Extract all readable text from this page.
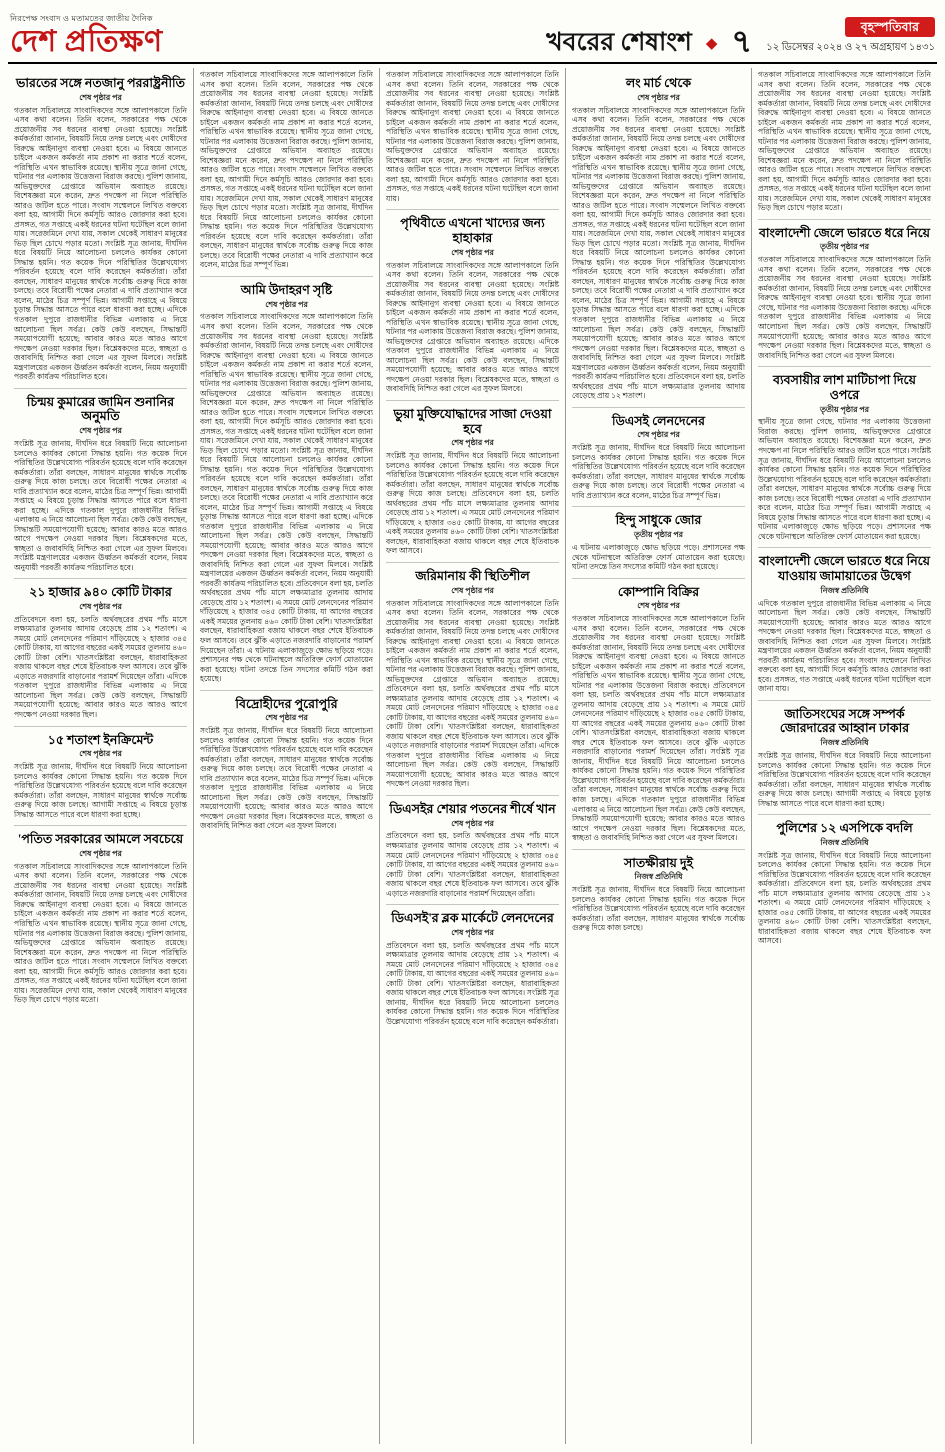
নিরপেক্ষ সংবাদ ও মতামতের জাতীয় দৈনিক
দেশ প্রতিক্ষণ	খবরের শেষাংশ ◆ ৭	বৃহস্পতিবার
১২ ডিসেম্বর ২০২৪ ও ২৭ অগ্রহায়ণ ১৪৩১
ভারতের সঙ্গে নতজানু পররাষ্ট্রনীতি
শেষ পৃষ্ঠার পর
গতকাল সচিবালয়ে সাংবাদিকদের সঙ্গে আলাপকালে তিনি এসব কথা বলেন। তিনি বলেন, সরকারের পক্ষ থেকে প্রয়োজনীয় সব ধরনের ব্যবস্থা নেওয়া হয়েছে। সংশ্লিষ্ট কর্মকর্তারা জানান, বিষয়টি নিয়ে তদন্ত চলছে এবং দোষীদের বিরুদ্ধে আইনানুগ ব্যবস্থা নেওয়া হবে। এ বিষয়ে জানতে চাইলে একজন কর্মকর্তা নাম প্রকাশ না করার শর্তে বলেন, পরিস্থিতি এখন স্বাভাবিক রয়েছে। স্থানীয় সূত্রে জানা গেছে, ঘটনার পর এলাকায় উত্তেজনা বিরাজ করছে। পুলিশ জানায়, অভিযুক্তদের গ্রেপ্তারে অভিযান অব্যাহত রয়েছে। বিশেষজ্ঞরা মনে করেন, দ্রুত পদক্ষেপ না নিলে পরিস্থিতি আরও জটিল হতে পারে। সংবাদ সম্মেলনে লিখিত বক্তব্যে বলা হয়, আগামী দিনে কর্মসূচি আরও জোরদার করা হবে। প্রসঙ্গত, গত সপ্তাহে একই ধরনের ঘটনা ঘটেছিল বলে জানা যায়। সরেজমিনে দেখা যায়, সকাল থেকেই সাধারণ মানুষের ভিড় ছিল চোখে পড়ার মতো। সংশ্লিষ্ট সূত্র জানায়, দীর্ঘদিন ধরে বিষয়টি নিয়ে আলোচনা চললেও কার্যকর কোনো সিদ্ধান্ত হয়নি। গত কয়েক দিনে পরিস্থিতির উল্লেখযোগ্য পরিবর্তন হয়েছে বলে দাবি করেছেন কর্মকর্তারা। তাঁরা বলছেন, সাধারণ মানুষের স্বার্থকে সর্বোচ্চ গুরুত্ব দিয়ে কাজ চলছে। তবে বিরোধী পক্ষের নেতারা এ দাবি প্রত্যাখ্যান করে বলেন, মাঠের চিত্র সম্পূর্ণ ভিন্ন। আগামী সপ্তাহে এ বিষয়ে চূড়ান্ত সিদ্ধান্ত আসতে পারে বলে ধারণা করা হচ্ছে। এদিকে গতকাল দুপুরে রাজধানীর বিভিন্ন এলাকায় এ নিয়ে আলোচনা ছিল সর্বত্র। কেউ কেউ বলছেন, সিদ্ধান্তটি সময়োপযোগী হয়েছে; আবার কারও মতে আরও আগে পদক্ষেপ নেওয়া দরকার ছিল। বিশ্লেষকদের মতে, স্বচ্ছতা ও জবাবদিহি নিশ্চিত করা গেলে এর সুফল মিলবে। সংশ্লিষ্ট মন্ত্রণালয়ের একজন ঊর্ধ্বতন কর্মকর্তা বলেন, নিয়ম অনুযায়ী পরবর্তী কার্যক্রম পরিচালিত হবে।
চিন্ময় কুমারের জামিন শুনানির অনুমতি
শেষ পৃষ্ঠার পর
সংশ্লিষ্ট সূত্র জানায়, দীর্ঘদিন ধরে বিষয়টি নিয়ে আলোচনা চললেও কার্যকর কোনো সিদ্ধান্ত হয়নি। গত কয়েক দিনে পরিস্থিতির উল্লেখযোগ্য পরিবর্তন হয়েছে বলে দাবি করেছেন কর্মকর্তারা। তাঁরা বলছেন, সাধারণ মানুষের স্বার্থকে সর্বোচ্চ গুরুত্ব দিয়ে কাজ চলছে। তবে বিরোধী পক্ষের নেতারা এ দাবি প্রত্যাখ্যান করে বলেন, মাঠের চিত্র সম্পূর্ণ ভিন্ন। আগামী সপ্তাহে এ বিষয়ে চূড়ান্ত সিদ্ধান্ত আসতে পারে বলে ধারণা করা হচ্ছে। এদিকে গতকাল দুপুরে রাজধানীর বিভিন্ন এলাকায় এ নিয়ে আলোচনা ছিল সর্বত্র। কেউ কেউ বলছেন, সিদ্ধান্তটি সময়োপযোগী হয়েছে; আবার কারও মতে আরও আগে পদক্ষেপ নেওয়া দরকার ছিল। বিশ্লেষকদের মতে, স্বচ্ছতা ও জবাবদিহি নিশ্চিত করা গেলে এর সুফল মিলবে। সংশ্লিষ্ট মন্ত্রণালয়ের একজন ঊর্ধ্বতন কর্মকর্তা বলেন, নিয়ম অনুযায়ী পরবর্তী কার্যক্রম পরিচালিত হবে।
২১ হাজার ৯৪০ কোটি টাকার
শেষ পৃষ্ঠার পর
প্রতিবেদনে বলা হয়, চলতি অর্থবছরের প্রথম পাঁচ মাসে লক্ষ্যমাত্রার তুলনায় আদায় বেড়েছে প্রায় ১২ শতাংশ। এ সময়ে মোট লেনদেনের পরিমাণ দাঁড়িয়েছে ২ হাজার ৩৪৫ কোটি টাকায়, যা আগের বছরের একই সময়ের তুলনায় ৪৬০ কোটি টাকা বেশি। খাতসংশ্লিষ্টরা বলছেন, ধারাবাহিকতা বজায় থাকলে বছর শেষে ইতিবাচক ফল আসবে। তবে ঝুঁকি এড়াতে নজরদারি বাড়ানোর পরামর্শ দিয়েছেন তাঁরা। এদিকে গতকাল দুপুরে রাজধানীর বিভিন্ন এলাকায় এ নিয়ে আলোচনা ছিল সর্বত্র। কেউ কেউ বলছেন, সিদ্ধান্তটি সময়োপযোগী হয়েছে; আবার কারও মতে আরও আগে পদক্ষেপ নেওয়া দরকার ছিল।
১৫ শতাংশ ইনক্রিমেন্ট
শেষ পৃষ্ঠার পর
সংশ্লিষ্ট সূত্র জানায়, দীর্ঘদিন ধরে বিষয়টি নিয়ে আলোচনা চললেও কার্যকর কোনো সিদ্ধান্ত হয়নি। গত কয়েক দিনে পরিস্থিতির উল্লেখযোগ্য পরিবর্তন হয়েছে বলে দাবি করেছেন কর্মকর্তারা। তাঁরা বলছেন, সাধারণ মানুষের স্বার্থকে সর্বোচ্চ গুরুত্ব দিয়ে কাজ চলছে। আগামী সপ্তাহে এ বিষয়ে চূড়ান্ত সিদ্ধান্ত আসতে পারে বলে ধারণা করা হচ্ছে।
'পতিত সরকারের আমলে সবচেয়ে
শেষ পৃষ্ঠার পর
গতকাল সচিবালয়ে সাংবাদিকদের সঙ্গে আলাপকালে তিনি এসব কথা বলেন। তিনি বলেন, সরকারের পক্ষ থেকে প্রয়োজনীয় সব ধরনের ব্যবস্থা নেওয়া হয়েছে। সংশ্লিষ্ট কর্মকর্তারা জানান, বিষয়টি নিয়ে তদন্ত চলছে এবং দোষীদের বিরুদ্ধে আইনানুগ ব্যবস্থা নেওয়া হবে। এ বিষয়ে জানতে চাইলে একজন কর্মকর্তা নাম প্রকাশ না করার শর্তে বলেন, পরিস্থিতি এখন স্বাভাবিক রয়েছে। স্থানীয় সূত্রে জানা গেছে, ঘটনার পর এলাকায় উত্তেজনা বিরাজ করছে। পুলিশ জানায়, অভিযুক্তদের গ্রেপ্তারে অভিযান অব্যাহত রয়েছে। বিশেষজ্ঞরা মনে করেন, দ্রুত পদক্ষেপ না নিলে পরিস্থিতি আরও জটিল হতে পারে। সংবাদ সম্মেলনে লিখিত বক্তব্যে বলা হয়, আগামী দিনে কর্মসূচি আরও জোরদার করা হবে। প্রসঙ্গত, গত সপ্তাহে একই ধরনের ঘটনা ঘটেছিল বলে জানা যায়। সরেজমিনে দেখা যায়, সকাল থেকেই সাধারণ মানুষের ভিড় ছিল চোখে পড়ার মতো।
গতকাল সচিবালয়ে সাংবাদিকদের সঙ্গে আলাপকালে তিনি এসব কথা বলেন। তিনি বলেন, সরকারের পক্ষ থেকে প্রয়োজনীয় সব ধরনের ব্যবস্থা নেওয়া হয়েছে। সংশ্লিষ্ট কর্মকর্তারা জানান, বিষয়টি নিয়ে তদন্ত চলছে এবং দোষীদের বিরুদ্ধে আইনানুগ ব্যবস্থা নেওয়া হবে। এ বিষয়ে জানতে চাইলে একজন কর্মকর্তা নাম প্রকাশ না করার শর্তে বলেন, পরিস্থিতি এখন স্বাভাবিক রয়েছে। স্থানীয় সূত্রে জানা গেছে, ঘটনার পর এলাকায় উত্তেজনা বিরাজ করছে। পুলিশ জানায়, অভিযুক্তদের গ্রেপ্তারে অভিযান অব্যাহত রয়েছে। বিশেষজ্ঞরা মনে করেন, দ্রুত পদক্ষেপ না নিলে পরিস্থিতি আরও জটিল হতে পারে। সংবাদ সম্মেলনে লিখিত বক্তব্যে বলা হয়, আগামী দিনে কর্মসূচি আরও জোরদার করা হবে। প্রসঙ্গত, গত সপ্তাহে একই ধরনের ঘটনা ঘটেছিল বলে জানা যায়। সরেজমিনে দেখা যায়, সকাল থেকেই সাধারণ মানুষের ভিড় ছিল চোখে পড়ার মতো। সংশ্লিষ্ট সূত্র জানায়, দীর্ঘদিন ধরে বিষয়টি নিয়ে আলোচনা চললেও কার্যকর কোনো সিদ্ধান্ত হয়নি। গত কয়েক দিনে পরিস্থিতির উল্লেখযোগ্য পরিবর্তন হয়েছে বলে দাবি করেছেন কর্মকর্তারা। তাঁরা বলছেন, সাধারণ মানুষের স্বার্থকে সর্বোচ্চ গুরুত্ব দিয়ে কাজ চলছে। তবে বিরোধী পক্ষের নেতারা এ দাবি প্রত্যাখ্যান করে বলেন, মাঠের চিত্র সম্পূর্ণ ভিন্ন।
আমি উদাহরণ সৃষ্টি
শেষ পৃষ্ঠার পর
গতকাল সচিবালয়ে সাংবাদিকদের সঙ্গে আলাপকালে তিনি এসব কথা বলেন। তিনি বলেন, সরকারের পক্ষ থেকে প্রয়োজনীয় সব ধরনের ব্যবস্থা নেওয়া হয়েছে। সংশ্লিষ্ট কর্মকর্তারা জানান, বিষয়টি নিয়ে তদন্ত চলছে এবং দোষীদের বিরুদ্ধে আইনানুগ ব্যবস্থা নেওয়া হবে। এ বিষয়ে জানতে চাইলে একজন কর্মকর্তা নাম প্রকাশ না করার শর্তে বলেন, পরিস্থিতি এখন স্বাভাবিক রয়েছে। স্থানীয় সূত্রে জানা গেছে, ঘটনার পর এলাকায় উত্তেজনা বিরাজ করছে। পুলিশ জানায়, অভিযুক্তদের গ্রেপ্তারে অভিযান অব্যাহত রয়েছে। বিশেষজ্ঞরা মনে করেন, দ্রুত পদক্ষেপ না নিলে পরিস্থিতি আরও জটিল হতে পারে। সংবাদ সম্মেলনে লিখিত বক্তব্যে বলা হয়, আগামী দিনে কর্মসূচি আরও জোরদার করা হবে। প্রসঙ্গত, গত সপ্তাহে একই ধরনের ঘটনা ঘটেছিল বলে জানা যায়। সরেজমিনে দেখা যায়, সকাল থেকেই সাধারণ মানুষের ভিড় ছিল চোখে পড়ার মতো। সংশ্লিষ্ট সূত্র জানায়, দীর্ঘদিন ধরে বিষয়টি নিয়ে আলোচনা চললেও কার্যকর কোনো সিদ্ধান্ত হয়নি। গত কয়েক দিনে পরিস্থিতির উল্লেখযোগ্য পরিবর্তন হয়েছে বলে দাবি করেছেন কর্মকর্তারা। তাঁরা বলছেন, সাধারণ মানুষের স্বার্থকে সর্বোচ্চ গুরুত্ব দিয়ে কাজ চলছে। তবে বিরোধী পক্ষের নেতারা এ দাবি প্রত্যাখ্যান করে বলেন, মাঠের চিত্র সম্পূর্ণ ভিন্ন। আগামী সপ্তাহে এ বিষয়ে চূড়ান্ত সিদ্ধান্ত আসতে পারে বলে ধারণা করা হচ্ছে। এদিকে গতকাল দুপুরে রাজধানীর বিভিন্ন এলাকায় এ নিয়ে আলোচনা ছিল সর্বত্র। কেউ কেউ বলছেন, সিদ্ধান্তটি সময়োপযোগী হয়েছে; আবার কারও মতে আরও আগে পদক্ষেপ নেওয়া দরকার ছিল। বিশ্লেষকদের মতে, স্বচ্ছতা ও জবাবদিহি নিশ্চিত করা গেলে এর সুফল মিলবে। সংশ্লিষ্ট মন্ত্রণালয়ের একজন ঊর্ধ্বতন কর্মকর্তা বলেন, নিয়ম অনুযায়ী পরবর্তী কার্যক্রম পরিচালিত হবে। প্রতিবেদনে বলা হয়, চলতি অর্থবছরের প্রথম পাঁচ মাসে লক্ষ্যমাত্রার তুলনায় আদায় বেড়েছে প্রায় ১২ শতাংশ। এ সময়ে মোট লেনদেনের পরিমাণ দাঁড়িয়েছে ২ হাজার ৩৪৫ কোটি টাকায়, যা আগের বছরের একই সময়ের তুলনায় ৪৬০ কোটি টাকা বেশি। খাতসংশ্লিষ্টরা বলছেন, ধারাবাহিকতা বজায় থাকলে বছর শেষে ইতিবাচক ফল আসবে। তবে ঝুঁকি এড়াতে নজরদারি বাড়ানোর পরামর্শ দিয়েছেন তাঁরা। এ ঘটনায় এলাকাজুড়ে ক্ষোভ ছড়িয়ে পড়ে। প্রশাসনের পক্ষ থেকে ঘটনাস্থলে অতিরিক্ত ফোর্স মোতায়েন করা হয়েছে। ঘটনা তদন্তে তিন সদস্যের কমিটি গঠন করা হয়েছে।
বিদ্রোহীদের পুরোপুরি
শেষ পৃষ্ঠার পর
সংশ্লিষ্ট সূত্র জানায়, দীর্ঘদিন ধরে বিষয়টি নিয়ে আলোচনা চললেও কার্যকর কোনো সিদ্ধান্ত হয়নি। গত কয়েক দিনে পরিস্থিতির উল্লেখযোগ্য পরিবর্তন হয়েছে বলে দাবি করেছেন কর্মকর্তারা। তাঁরা বলছেন, সাধারণ মানুষের স্বার্থকে সর্বোচ্চ গুরুত্ব দিয়ে কাজ চলছে। তবে বিরোধী পক্ষের নেতারা এ দাবি প্রত্যাখ্যান করে বলেন, মাঠের চিত্র সম্পূর্ণ ভিন্ন। এদিকে গতকাল দুপুরে রাজধানীর বিভিন্ন এলাকায় এ নিয়ে আলোচনা ছিল সর্বত্র। কেউ কেউ বলছেন, সিদ্ধান্তটি সময়োপযোগী হয়েছে; আবার কারও মতে আরও আগে পদক্ষেপ নেওয়া দরকার ছিল। বিশ্লেষকদের মতে, স্বচ্ছতা ও জবাবদিহি নিশ্চিত করা গেলে এর সুফল মিলবে।
গতকাল সচিবালয়ে সাংবাদিকদের সঙ্গে আলাপকালে তিনি এসব কথা বলেন। তিনি বলেন, সরকারের পক্ষ থেকে প্রয়োজনীয় সব ধরনের ব্যবস্থা নেওয়া হয়েছে। সংশ্লিষ্ট কর্মকর্তারা জানান, বিষয়টি নিয়ে তদন্ত চলছে এবং দোষীদের বিরুদ্ধে আইনানুগ ব্যবস্থা নেওয়া হবে। এ বিষয়ে জানতে চাইলে একজন কর্মকর্তা নাম প্রকাশ না করার শর্তে বলেন, পরিস্থিতি এখন স্বাভাবিক রয়েছে। স্থানীয় সূত্রে জানা গেছে, ঘটনার পর এলাকায় উত্তেজনা বিরাজ করছে। পুলিশ জানায়, অভিযুক্তদের গ্রেপ্তারে অভিযান অব্যাহত রয়েছে। বিশেষজ্ঞরা মনে করেন, দ্রুত পদক্ষেপ না নিলে পরিস্থিতি আরও জটিল হতে পারে। সংবাদ সম্মেলনে লিখিত বক্তব্যে বলা হয়, আগামী দিনে কর্মসূচি আরও জোরদার করা হবে। প্রসঙ্গত, গত সপ্তাহে একই ধরনের ঘটনা ঘটেছিল বলে জানা যায়।
পৃথিবীতে এখনো খাদ্যের জন্য হাহাকার
শেষ পৃষ্ঠার পর
গতকাল সচিবালয়ে সাংবাদিকদের সঙ্গে আলাপকালে তিনি এসব কথা বলেন। তিনি বলেন, সরকারের পক্ষ থেকে প্রয়োজনীয় সব ধরনের ব্যবস্থা নেওয়া হয়েছে। সংশ্লিষ্ট কর্মকর্তারা জানান, বিষয়টি নিয়ে তদন্ত চলছে এবং দোষীদের বিরুদ্ধে আইনানুগ ব্যবস্থা নেওয়া হবে। এ বিষয়ে জানতে চাইলে একজন কর্মকর্তা নাম প্রকাশ না করার শর্তে বলেন, পরিস্থিতি এখন স্বাভাবিক রয়েছে। স্থানীয় সূত্রে জানা গেছে, ঘটনার পর এলাকায় উত্তেজনা বিরাজ করছে। পুলিশ জানায়, অভিযুক্তদের গ্রেপ্তারে অভিযান অব্যাহত রয়েছে। এদিকে গতকাল দুপুরে রাজধানীর বিভিন্ন এলাকায় এ নিয়ে আলোচনা ছিল সর্বত্র। কেউ কেউ বলছেন, সিদ্ধান্তটি সময়োপযোগী হয়েছে; আবার কারও মতে আরও আগে পদক্ষেপ নেওয়া দরকার ছিল। বিশ্লেষকদের মতে, স্বচ্ছতা ও জবাবদিহি নিশ্চিত করা গেলে এর সুফল মিলবে।
ভুয়া মুক্তিযোদ্ধাদের সাজা দেওয়া হবে
শেষ পৃষ্ঠার পর
সংশ্লিষ্ট সূত্র জানায়, দীর্ঘদিন ধরে বিষয়টি নিয়ে আলোচনা চললেও কার্যকর কোনো সিদ্ধান্ত হয়নি। গত কয়েক দিনে পরিস্থিতির উল্লেখযোগ্য পরিবর্তন হয়েছে বলে দাবি করেছেন কর্মকর্তারা। তাঁরা বলছেন, সাধারণ মানুষের স্বার্থকে সর্বোচ্চ গুরুত্ব দিয়ে কাজ চলছে। প্রতিবেদনে বলা হয়, চলতি অর্থবছরের প্রথম পাঁচ মাসে লক্ষ্যমাত্রার তুলনায় আদায় বেড়েছে প্রায় ১২ শতাংশ। এ সময়ে মোট লেনদেনের পরিমাণ দাঁড়িয়েছে ২ হাজার ৩৪৫ কোটি টাকায়, যা আগের বছরের একই সময়ের তুলনায় ৪৬০ কোটি টাকা বেশি। খাতসংশ্লিষ্টরা বলছেন, ধারাবাহিকতা বজায় থাকলে বছর শেষে ইতিবাচক ফল আসবে।
জরিমানায় কী স্থিতিশীল
শেষ পৃষ্ঠার পর
গতকাল সচিবালয়ে সাংবাদিকদের সঙ্গে আলাপকালে তিনি এসব কথা বলেন। তিনি বলেন, সরকারের পক্ষ থেকে প্রয়োজনীয় সব ধরনের ব্যবস্থা নেওয়া হয়েছে। সংশ্লিষ্ট কর্মকর্তারা জানান, বিষয়টি নিয়ে তদন্ত চলছে এবং দোষীদের বিরুদ্ধে আইনানুগ ব্যবস্থা নেওয়া হবে। এ বিষয়ে জানতে চাইলে একজন কর্মকর্তা নাম প্রকাশ না করার শর্তে বলেন, পরিস্থিতি এখন স্বাভাবিক রয়েছে। স্থানীয় সূত্রে জানা গেছে, ঘটনার পর এলাকায় উত্তেজনা বিরাজ করছে। পুলিশ জানায়, অভিযুক্তদের গ্রেপ্তারে অভিযান অব্যাহত রয়েছে। প্রতিবেদনে বলা হয়, চলতি অর্থবছরের প্রথম পাঁচ মাসে লক্ষ্যমাত্রার তুলনায় আদায় বেড়েছে প্রায় ১২ শতাংশ। এ সময়ে মোট লেনদেনের পরিমাণ দাঁড়িয়েছে ২ হাজার ৩৪৫ কোটি টাকায়, যা আগের বছরের একই সময়ের তুলনায় ৪৬০ কোটি টাকা বেশি। খাতসংশ্লিষ্টরা বলছেন, ধারাবাহিকতা বজায় থাকলে বছর শেষে ইতিবাচক ফল আসবে। তবে ঝুঁকি এড়াতে নজরদারি বাড়ানোর পরামর্শ দিয়েছেন তাঁরা। এদিকে গতকাল দুপুরে রাজধানীর বিভিন্ন এলাকায় এ নিয়ে আলোচনা ছিল সর্বত্র। কেউ কেউ বলছেন, সিদ্ধান্তটি সময়োপযোগী হয়েছে; আবার কারও মতে আরও আগে পদক্ষেপ নেওয়া দরকার ছিল।
ডিএসইর শেয়ার পতনের শীর্ষে খান
শেষ পৃষ্ঠার পর
প্রতিবেদনে বলা হয়, চলতি অর্থবছরের প্রথম পাঁচ মাসে লক্ষ্যমাত্রার তুলনায় আদায় বেড়েছে প্রায় ১২ শতাংশ। এ সময়ে মোট লেনদেনের পরিমাণ দাঁড়িয়েছে ২ হাজার ৩৪৫ কোটি টাকায়, যা আগের বছরের একই সময়ের তুলনায় ৪৬০ কোটি টাকা বেশি। খাতসংশ্লিষ্টরা বলছেন, ধারাবাহিকতা বজায় থাকলে বছর শেষে ইতিবাচক ফল আসবে। তবে ঝুঁকি এড়াতে নজরদারি বাড়ানোর পরামর্শ দিয়েছেন তাঁরা।
ডিএসই'র ব্লক মার্কেটে লেনদেনের
শেষ পৃষ্ঠার পর
প্রতিবেদনে বলা হয়, চলতি অর্থবছরের প্রথম পাঁচ মাসে লক্ষ্যমাত্রার তুলনায় আদায় বেড়েছে প্রায় ১২ শতাংশ। এ সময়ে মোট লেনদেনের পরিমাণ দাঁড়িয়েছে ২ হাজার ৩৪৫ কোটি টাকায়, যা আগের বছরের একই সময়ের তুলনায় ৪৬০ কোটি টাকা বেশি। খাতসংশ্লিষ্টরা বলছেন, ধারাবাহিকতা বজায় থাকলে বছর শেষে ইতিবাচক ফল আসবে। সংশ্লিষ্ট সূত্র জানায়, দীর্ঘদিন ধরে বিষয়টি নিয়ে আলোচনা চললেও কার্যকর কোনো সিদ্ধান্ত হয়নি। গত কয়েক দিনে পরিস্থিতির উল্লেখযোগ্য পরিবর্তন হয়েছে বলে দাবি করেছেন কর্মকর্তারা।
লং মার্চ থেকে
শেষ পৃষ্ঠার পর
গতকাল সচিবালয়ে সাংবাদিকদের সঙ্গে আলাপকালে তিনি এসব কথা বলেন। তিনি বলেন, সরকারের পক্ষ থেকে প্রয়োজনীয় সব ধরনের ব্যবস্থা নেওয়া হয়েছে। সংশ্লিষ্ট কর্মকর্তারা জানান, বিষয়টি নিয়ে তদন্ত চলছে এবং দোষীদের বিরুদ্ধে আইনানুগ ব্যবস্থা নেওয়া হবে। এ বিষয়ে জানতে চাইলে একজন কর্মকর্তা নাম প্রকাশ না করার শর্তে বলেন, পরিস্থিতি এখন স্বাভাবিক রয়েছে। স্থানীয় সূত্রে জানা গেছে, ঘটনার পর এলাকায় উত্তেজনা বিরাজ করছে। পুলিশ জানায়, অভিযুক্তদের গ্রেপ্তারে অভিযান অব্যাহত রয়েছে। বিশেষজ্ঞরা মনে করেন, দ্রুত পদক্ষেপ না নিলে পরিস্থিতি আরও জটিল হতে পারে। সংবাদ সম্মেলনে লিখিত বক্তব্যে বলা হয়, আগামী দিনে কর্মসূচি আরও জোরদার করা হবে। প্রসঙ্গত, গত সপ্তাহে একই ধরনের ঘটনা ঘটেছিল বলে জানা যায়। সরেজমিনে দেখা যায়, সকাল থেকেই সাধারণ মানুষের ভিড় ছিল চোখে পড়ার মতো। সংশ্লিষ্ট সূত্র জানায়, দীর্ঘদিন ধরে বিষয়টি নিয়ে আলোচনা চললেও কার্যকর কোনো সিদ্ধান্ত হয়নি। গত কয়েক দিনে পরিস্থিতির উল্লেখযোগ্য পরিবর্তন হয়েছে বলে দাবি করেছেন কর্মকর্তারা। তাঁরা বলছেন, সাধারণ মানুষের স্বার্থকে সর্বোচ্চ গুরুত্ব দিয়ে কাজ চলছে। তবে বিরোধী পক্ষের নেতারা এ দাবি প্রত্যাখ্যান করে বলেন, মাঠের চিত্র সম্পূর্ণ ভিন্ন। আগামী সপ্তাহে এ বিষয়ে চূড়ান্ত সিদ্ধান্ত আসতে পারে বলে ধারণা করা হচ্ছে। এদিকে গতকাল দুপুরে রাজধানীর বিভিন্ন এলাকায় এ নিয়ে আলোচনা ছিল সর্বত্র। কেউ কেউ বলছেন, সিদ্ধান্তটি সময়োপযোগী হয়েছে; আবার কারও মতে আরও আগে পদক্ষেপ নেওয়া দরকার ছিল। বিশ্লেষকদের মতে, স্বচ্ছতা ও জবাবদিহি নিশ্চিত করা গেলে এর সুফল মিলবে। সংশ্লিষ্ট মন্ত্রণালয়ের একজন ঊর্ধ্বতন কর্মকর্তা বলেন, নিয়ম অনুযায়ী পরবর্তী কার্যক্রম পরিচালিত হবে। প্রতিবেদনে বলা হয়, চলতি অর্থবছরের প্রথম পাঁচ মাসে লক্ষ্যমাত্রার তুলনায় আদায় বেড়েছে প্রায় ১২ শতাংশ।
ডিএসই লেনদেনের
শেষ পৃষ্ঠার পর
সংশ্লিষ্ট সূত্র জানায়, দীর্ঘদিন ধরে বিষয়টি নিয়ে আলোচনা চললেও কার্যকর কোনো সিদ্ধান্ত হয়নি। গত কয়েক দিনে পরিস্থিতির উল্লেখযোগ্য পরিবর্তন হয়েছে বলে দাবি করেছেন কর্মকর্তারা। তাঁরা বলছেন, সাধারণ মানুষের স্বার্থকে সর্বোচ্চ গুরুত্ব দিয়ে কাজ চলছে। তবে বিরোধী পক্ষের নেতারা এ দাবি প্রত্যাখ্যান করে বলেন, মাঠের চিত্র সম্পূর্ণ ভিন্ন।
হিন্দু সাধুকে জোর
তৃতীয় পৃষ্ঠার পর
এ ঘটনায় এলাকাজুড়ে ক্ষোভ ছড়িয়ে পড়ে। প্রশাসনের পক্ষ থেকে ঘটনাস্থলে অতিরিক্ত ফোর্স মোতায়েন করা হয়েছে। ঘটনা তদন্তে তিন সদস্যের কমিটি গঠন করা হয়েছে।
কোম্পানি বিক্রির
শেষ পৃষ্ঠার পর
গতকাল সচিবালয়ে সাংবাদিকদের সঙ্গে আলাপকালে তিনি এসব কথা বলেন। তিনি বলেন, সরকারের পক্ষ থেকে প্রয়োজনীয় সব ধরনের ব্যবস্থা নেওয়া হয়েছে। সংশ্লিষ্ট কর্মকর্তারা জানান, বিষয়টি নিয়ে তদন্ত চলছে এবং দোষীদের বিরুদ্ধে আইনানুগ ব্যবস্থা নেওয়া হবে। এ বিষয়ে জানতে চাইলে একজন কর্মকর্তা নাম প্রকাশ না করার শর্তে বলেন, পরিস্থিতি এখন স্বাভাবিক রয়েছে। স্থানীয় সূত্রে জানা গেছে, ঘটনার পর এলাকায় উত্তেজনা বিরাজ করছে। প্রতিবেদনে বলা হয়, চলতি অর্থবছরের প্রথম পাঁচ মাসে লক্ষ্যমাত্রার তুলনায় আদায় বেড়েছে প্রায় ১২ শতাংশ। এ সময়ে মোট লেনদেনের পরিমাণ দাঁড়িয়েছে ২ হাজার ৩৪৫ কোটি টাকায়, যা আগের বছরের একই সময়ের তুলনায় ৪৬০ কোটি টাকা বেশি। খাতসংশ্লিষ্টরা বলছেন, ধারাবাহিকতা বজায় থাকলে বছর শেষে ইতিবাচক ফল আসবে। তবে ঝুঁকি এড়াতে নজরদারি বাড়ানোর পরামর্শ দিয়েছেন তাঁরা। সংশ্লিষ্ট সূত্র জানায়, দীর্ঘদিন ধরে বিষয়টি নিয়ে আলোচনা চললেও কার্যকর কোনো সিদ্ধান্ত হয়নি। গত কয়েক দিনে পরিস্থিতির উল্লেখযোগ্য পরিবর্তন হয়েছে বলে দাবি করেছেন কর্মকর্তারা। তাঁরা বলছেন, সাধারণ মানুষের স্বার্থকে সর্বোচ্চ গুরুত্ব দিয়ে কাজ চলছে। এদিকে গতকাল দুপুরে রাজধানীর বিভিন্ন এলাকায় এ নিয়ে আলোচনা ছিল সর্বত্র। কেউ কেউ বলছেন, সিদ্ধান্তটি সময়োপযোগী হয়েছে; আবার কারও মতে আরও আগে পদক্ষেপ নেওয়া দরকার ছিল। বিশ্লেষকদের মতে, স্বচ্ছতা ও জবাবদিহি নিশ্চিত করা গেলে এর সুফল মিলবে।
সাতক্ষীরায় দুই
নিজস্ব প্রতিনিধি
সংশ্লিষ্ট সূত্র জানায়, দীর্ঘদিন ধরে বিষয়টি নিয়ে আলোচনা চললেও কার্যকর কোনো সিদ্ধান্ত হয়নি। গত কয়েক দিনে পরিস্থিতির উল্লেখযোগ্য পরিবর্তন হয়েছে বলে দাবি করেছেন কর্মকর্তারা। তাঁরা বলছেন, সাধারণ মানুষের স্বার্থকে সর্বোচ্চ গুরুত্ব দিয়ে কাজ চলছে।
গতকাল সচিবালয়ে সাংবাদিকদের সঙ্গে আলাপকালে তিনি এসব কথা বলেন। তিনি বলেন, সরকারের পক্ষ থেকে প্রয়োজনীয় সব ধরনের ব্যবস্থা নেওয়া হয়েছে। সংশ্লিষ্ট কর্মকর্তারা জানান, বিষয়টি নিয়ে তদন্ত চলছে এবং দোষীদের বিরুদ্ধে আইনানুগ ব্যবস্থা নেওয়া হবে। এ বিষয়ে জানতে চাইলে একজন কর্মকর্তা নাম প্রকাশ না করার শর্তে বলেন, পরিস্থিতি এখন স্বাভাবিক রয়েছে। স্থানীয় সূত্রে জানা গেছে, ঘটনার পর এলাকায় উত্তেজনা বিরাজ করছে। পুলিশ জানায়, অভিযুক্তদের গ্রেপ্তারে অভিযান অব্যাহত রয়েছে। বিশেষজ্ঞরা মনে করেন, দ্রুত পদক্ষেপ না নিলে পরিস্থিতি আরও জটিল হতে পারে। সংবাদ সম্মেলনে লিখিত বক্তব্যে বলা হয়, আগামী দিনে কর্মসূচি আরও জোরদার করা হবে। প্রসঙ্গত, গত সপ্তাহে একই ধরনের ঘটনা ঘটেছিল বলে জানা যায়। সরেজমিনে দেখা যায়, সকাল থেকেই সাধারণ মানুষের ভিড় ছিল চোখে পড়ার মতো।
বাংলাদেশী জেলে ভারতে ধরে নিয়ে
তৃতীয় পৃষ্ঠার পর
গতকাল সচিবালয়ে সাংবাদিকদের সঙ্গে আলাপকালে তিনি এসব কথা বলেন। তিনি বলেন, সরকারের পক্ষ থেকে প্রয়োজনীয় সব ধরনের ব্যবস্থা নেওয়া হয়েছে। সংশ্লিষ্ট কর্মকর্তারা জানান, বিষয়টি নিয়ে তদন্ত চলছে এবং দোষীদের বিরুদ্ধে আইনানুগ ব্যবস্থা নেওয়া হবে। স্থানীয় সূত্রে জানা গেছে, ঘটনার পর এলাকায় উত্তেজনা বিরাজ করছে। এদিকে গতকাল দুপুরে রাজধানীর বিভিন্ন এলাকায় এ নিয়ে আলোচনা ছিল সর্বত্র। কেউ কেউ বলছেন, সিদ্ধান্তটি সময়োপযোগী হয়েছে; আবার কারও মতে আরও আগে পদক্ষেপ নেওয়া দরকার ছিল। বিশ্লেষকদের মতে, স্বচ্ছতা ও জবাবদিহি নিশ্চিত করা গেলে এর সুফল মিলবে।
ব্যবসায়ীর লাশ মাটিচাপা দিয়ে ওপরে
তৃতীয় পৃষ্ঠার পর
স্থানীয় সূত্রে জানা গেছে, ঘটনার পর এলাকায় উত্তেজনা বিরাজ করছে। পুলিশ জানায়, অভিযুক্তদের গ্রেপ্তারে অভিযান অব্যাহত রয়েছে। বিশেষজ্ঞরা মনে করেন, দ্রুত পদক্ষেপ না নিলে পরিস্থিতি আরও জটিল হতে পারে। সংশ্লিষ্ট সূত্র জানায়, দীর্ঘদিন ধরে বিষয়টি নিয়ে আলোচনা চললেও কার্যকর কোনো সিদ্ধান্ত হয়নি। গত কয়েক দিনে পরিস্থিতির উল্লেখযোগ্য পরিবর্তন হয়েছে বলে দাবি করেছেন কর্মকর্তারা। তাঁরা বলছেন, সাধারণ মানুষের স্বার্থকে সর্বোচ্চ গুরুত্ব দিয়ে কাজ চলছে। তবে বিরোধী পক্ষের নেতারা এ দাবি প্রত্যাখ্যান করে বলেন, মাঠের চিত্র সম্পূর্ণ ভিন্ন। আগামী সপ্তাহে এ বিষয়ে চূড়ান্ত সিদ্ধান্ত আসতে পারে বলে ধারণা করা হচ্ছে। এ ঘটনায় এলাকাজুড়ে ক্ষোভ ছড়িয়ে পড়ে। প্রশাসনের পক্ষ থেকে ঘটনাস্থলে অতিরিক্ত ফোর্স মোতায়েন করা হয়েছে।
বাংলাদেশী জেলে ভারতে ধরে নিয়ে যাওয়ায় জামায়াতের উদ্বেগ
নিজস্ব প্রতিনিধি
এদিকে গতকাল দুপুরে রাজধানীর বিভিন্ন এলাকায় এ নিয়ে আলোচনা ছিল সর্বত্র। কেউ কেউ বলছেন, সিদ্ধান্তটি সময়োপযোগী হয়েছে; আবার কারও মতে আরও আগে পদক্ষেপ নেওয়া দরকার ছিল। বিশ্লেষকদের মতে, স্বচ্ছতা ও জবাবদিহি নিশ্চিত করা গেলে এর সুফল মিলবে। সংশ্লিষ্ট মন্ত্রণালয়ের একজন ঊর্ধ্বতন কর্মকর্তা বলেন, নিয়ম অনুযায়ী পরবর্তী কার্যক্রম পরিচালিত হবে। সংবাদ সম্মেলনে লিখিত বক্তব্যে বলা হয়, আগামী দিনে কর্মসূচি আরও জোরদার করা হবে। প্রসঙ্গত, গত সপ্তাহে একই ধরনের ঘটনা ঘটেছিল বলে জানা যায়।
জাতিসংঘের সঙ্গে সম্পর্ক জোরদারের আহ্বান ঢাকার
নিজস্ব প্রতিনিধি
সংশ্লিষ্ট সূত্র জানায়, দীর্ঘদিন ধরে বিষয়টি নিয়ে আলোচনা চললেও কার্যকর কোনো সিদ্ধান্ত হয়নি। গত কয়েক দিনে পরিস্থিতির উল্লেখযোগ্য পরিবর্তন হয়েছে বলে দাবি করেছেন কর্মকর্তারা। তাঁরা বলছেন, সাধারণ মানুষের স্বার্থকে সর্বোচ্চ গুরুত্ব দিয়ে কাজ চলছে। আগামী সপ্তাহে এ বিষয়ে চূড়ান্ত সিদ্ধান্ত আসতে পারে বলে ধারণা করা হচ্ছে।
পুলিশের ১২ এসপিকে বদলি
নিজস্ব প্রতিনিধি
সংশ্লিষ্ট সূত্র জানায়, দীর্ঘদিন ধরে বিষয়টি নিয়ে আলোচনা চললেও কার্যকর কোনো সিদ্ধান্ত হয়নি। গত কয়েক দিনে পরিস্থিতির উল্লেখযোগ্য পরিবর্তন হয়েছে বলে দাবি করেছেন কর্মকর্তারা। প্রতিবেদনে বলা হয়, চলতি অর্থবছরের প্রথম পাঁচ মাসে লক্ষ্যমাত্রার তুলনায় আদায় বেড়েছে প্রায় ১২ শতাংশ। এ সময়ে মোট লেনদেনের পরিমাণ দাঁড়িয়েছে ২ হাজার ৩৪৫ কোটি টাকায়, যা আগের বছরের একই সময়ের তুলনায় ৪৬০ কোটি টাকা বেশি। খাতসংশ্লিষ্টরা বলছেন, ধারাবাহিকতা বজায় থাকলে বছর শেষে ইতিবাচক ফল আসবে।
